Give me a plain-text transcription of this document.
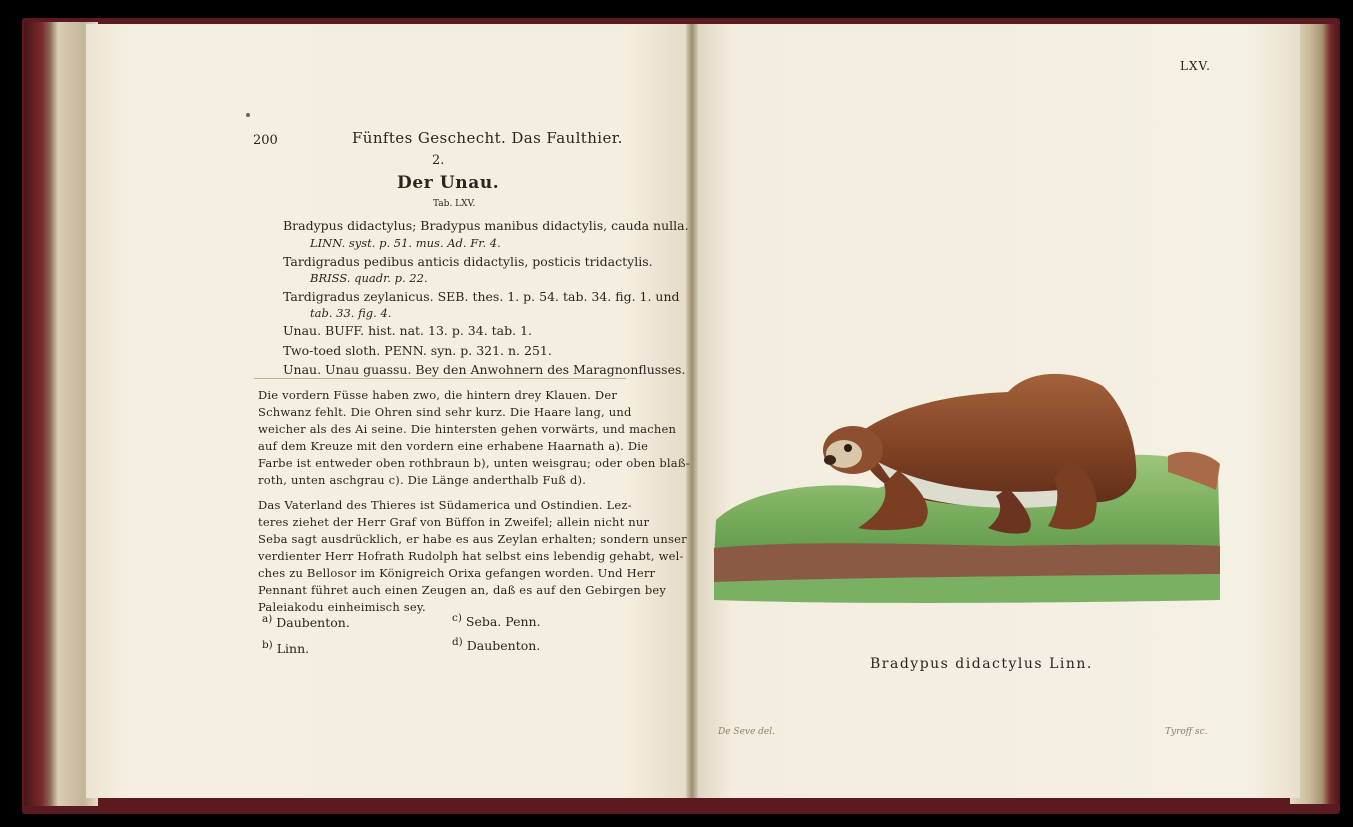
200	Fünftes Geschecht. Das Faulthier.
2.
Der Unau.
Tab. LXV.
Bradypus didactylus; Bradypus manibus didactylis, cauda nulla.
LINN. syst. p. 51. mus. Ad. Fr. 4.
Tardigradus pedibus anticis didactylis, posticis tridactylis.
BRISS. quadr. p. 22.
Tardigradus zeylanicus. SEB. thes. 1. p. 54. tab. 34. fig. 1. und
tab. 33. fig. 4.
Unau. BUFF. hist. nat. 13. p. 34. tab. 1.
Two-toed sloth. PENN. syn. p. 321. n. 251.
Unau. Unau guassu. Bey den Anwohnern des Maragnonflusses.
Die vordern Füsse haben zwo, die hintern drey Klauen. Der
Schwanz fehlt. Die Ohren sind sehr kurz. Die Haare lang, und
weicher als des Ai seine. Die hintersten gehen vorwärts, und machen
auf dem Kreuze mit den vordern eine erhabene Haarnath a). Die
Farbe ist entweder oben rothbraun b), unten weisgrau; oder oben blaß-
roth, unten aschgrau c). Die Länge anderthalb Fuß d).
Das Vaterland des Thieres ist Südamerica und Ostindien. Lez-
teres ziehet der Herr Graf von Büffon in Zweifel; allein nicht nur
Seba sagt ausdrücklich, er habe es aus Zeylan erhalten; sondern unser
verdienter Herr Hofrath Rudolph hat selbst eins lebendig gehabt, wel-
ches zu Bellosor im Königreich Orixa gefangen worden. Und Herr
Pennant führet auch einen Zeugen an, daß es auf den Gebirgen bey
Paleiakodu einheimisch sey.
$^{a)}$ Daubenton.
$^{b)}$ Linn.
$^{c)}$ Seba. Penn.
$^{d)}$ Daubenton.
LXV.
Bradypus didactylus Linn.
De Seve del.	Tyroff sc.
